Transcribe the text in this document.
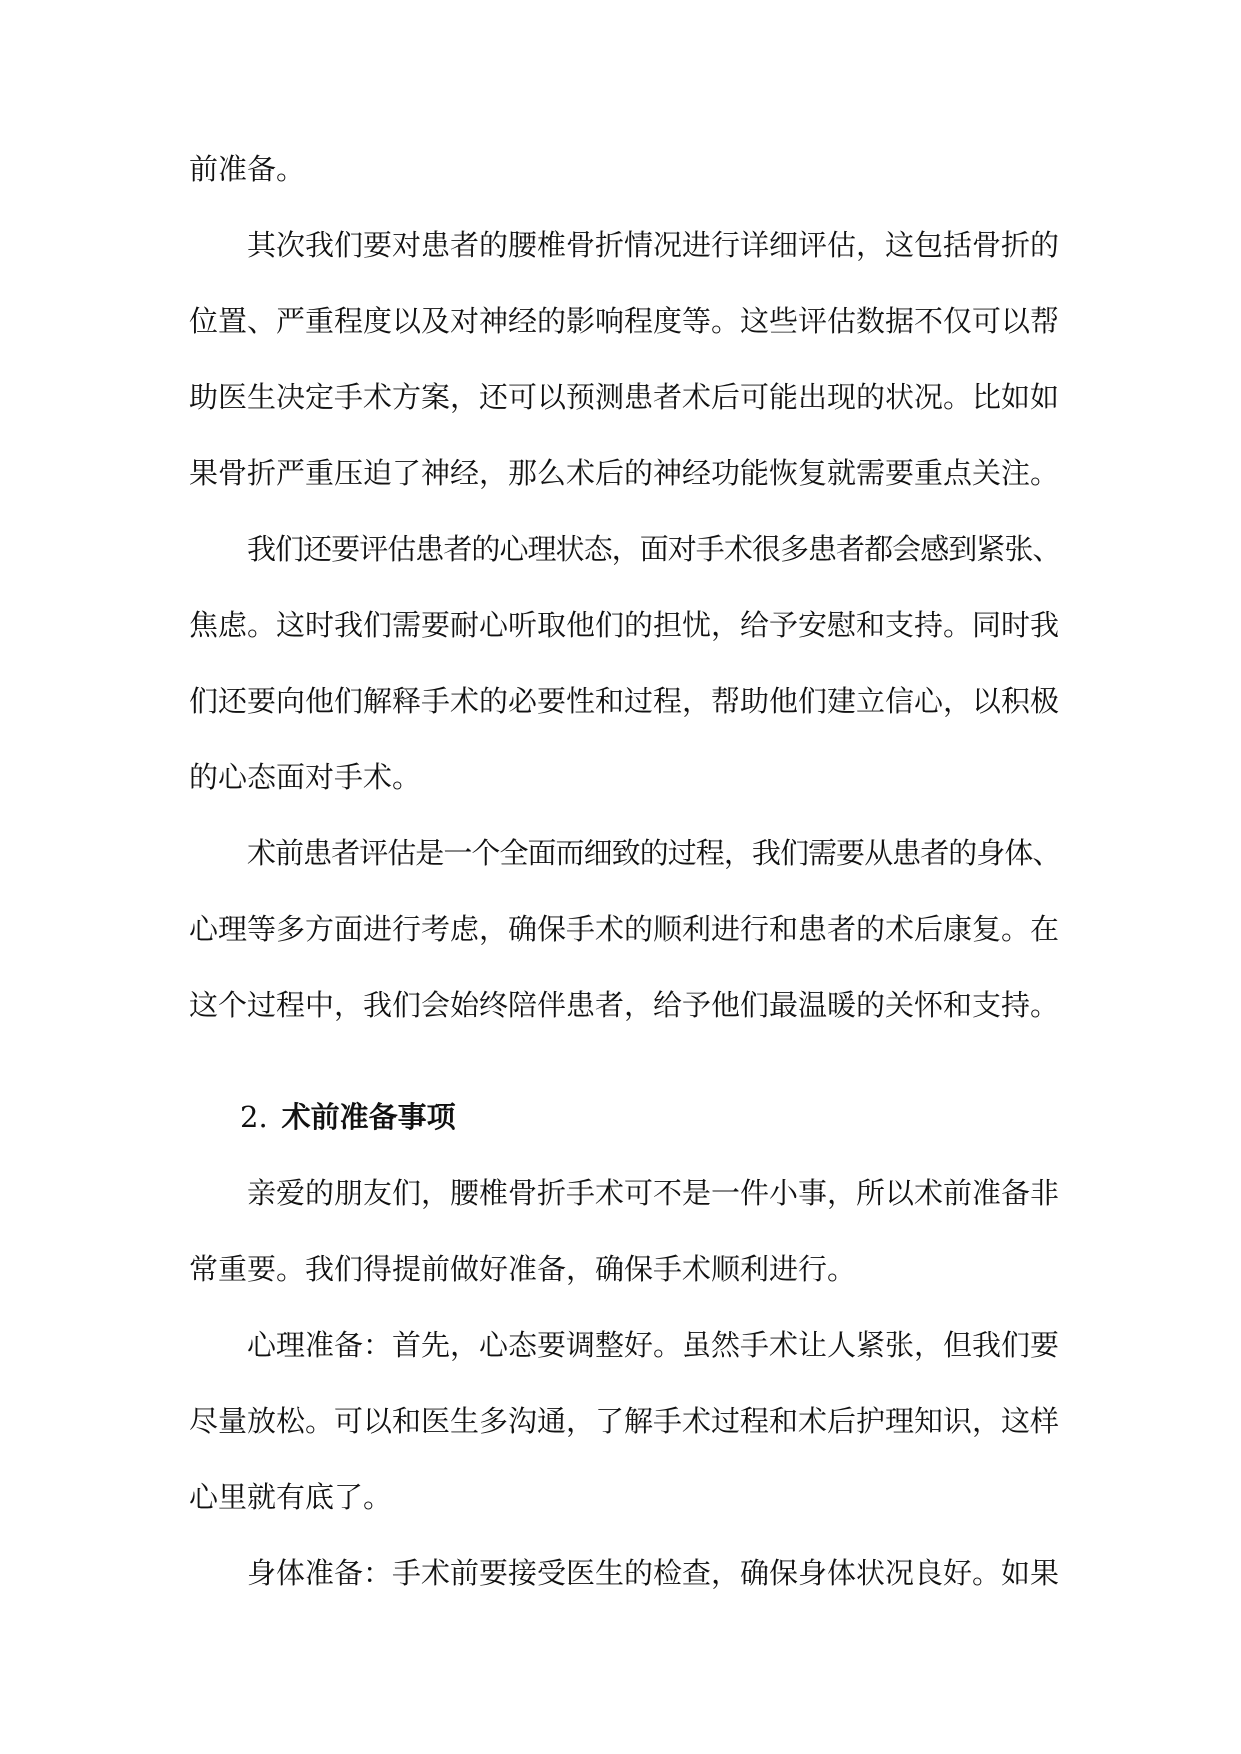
前准备。
其次我们要对患者的腰椎骨折情况进行详细评估，这包括骨折的
位置、严重程度以及对神经的影响程度等。这些评估数据不仅可以帮
助医生决定手术方案，还可以预测患者术后可能出现的状况。比如如
果骨折严重压迫了神经，那么术后的神经功能恢复就需要重点关注。
我们还要评估患者的心理状态，面对手术很多患者都会感到紧张、
焦虑。这时我们需要耐心听取他们的担忧，给予安慰和支持。同时我
们还要向他们解释手术的必要性和过程，帮助他们建立信心，以积极
的心态面对手术。
术前患者评估是一个全面而细致的过程，我们需要从患者的身体、
心理等多方面进行考虑，确保手术的顺利进行和患者的术后康复。在
这个过程中，我们会始终陪伴患者，给予他们最温暖的关怀和支持。
2. 术前准备事项
亲爱的朋友们，腰椎骨折手术可不是一件小事，所以术前准备非
常重要。我们得提前做好准备，确保手术顺利进行。
心理准备：首先，心态要调整好。虽然手术让人紧张，但我们要
尽量放松。可以和医生多沟通，了解手术过程和术后护理知识，这样
心里就有底了。
身体准备：手术前要接受医生的检查，确保身体状况良好。如果
